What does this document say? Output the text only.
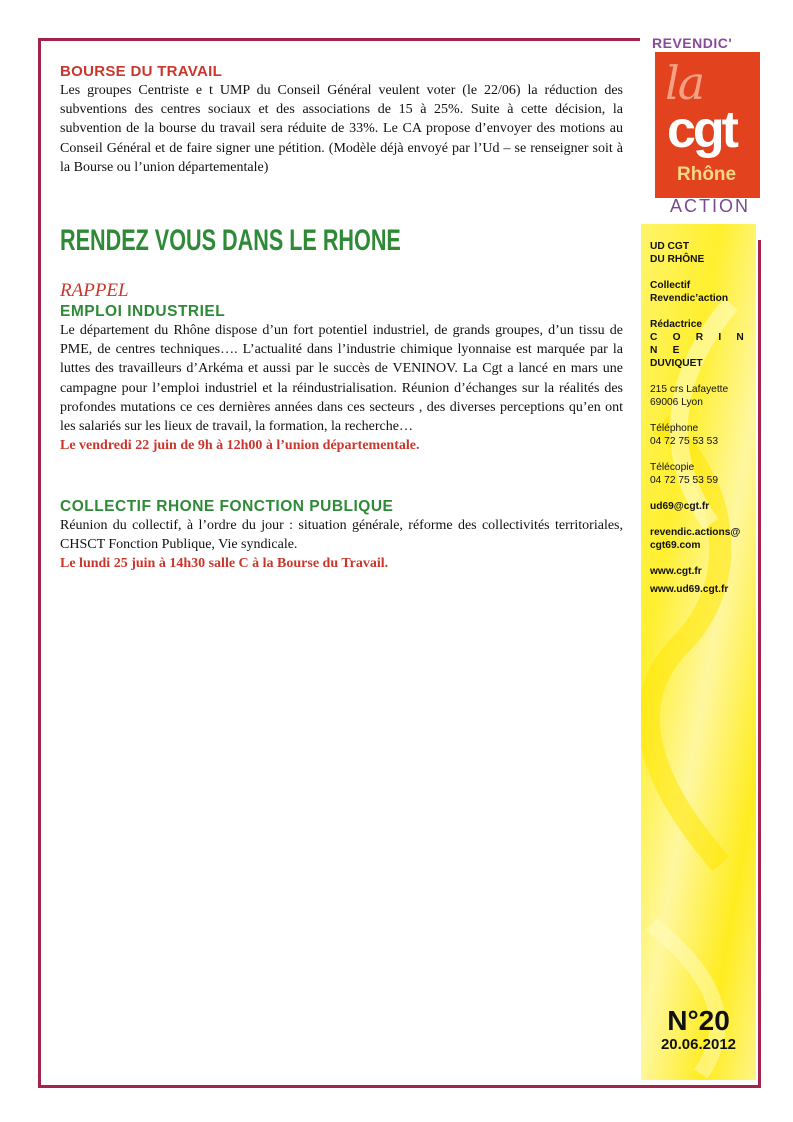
REVENDIC'
la
cgt
Rhône
ACTION
UD CGT
DU RHÔNE
Collectif
Revendic’action
Rédactrice
C O R I N N E
DUVIQUET
215 crs Lafayette
69006 Lyon
Téléphone
04 72 75 53 53
Télécopie
04 72 75 53 59
ud69@cgt.fr
revendic.actions@
cgt69.com
www.cgt.fr
www.ud69.cgt.fr
N°20
20.06.2012
BOURSE DU TRAVAIL

Les groupes Centriste e t UMP du Conseil Général veulent voter (le 22/06) la réduction des subventions des centres sociaux et des associations de 15 à 25%. Suite à cette décision, la subvention de la bourse du travail sera réduite de 33%. Le CA propose d’envoyer des motions au Conseil Général et de faire signer une pétition. (Modèle déjà envoyé par l’Ud – se renseigner soit à la Bourse ou l’union départementale)

RENDEZ VOUS DANS LE RHONE
RAPPEL
EMPLOI INDUSTRIEL

Le département du Rhône dispose d’un fort potentiel industriel, de grands groupes, d’un tissu de PME, de centres techniques…. L’actualité dans l’industrie chimique lyonnaise est marquée par la luttes des travailleurs d’Arkéma et aussi par le succès de VENINOV. La Cgt a lancé en mars une campagne pour l’emploi industriel et la réindustrialisation. Réunion d’échanges sur la réalités des profondes mutations ce ces dernières années dans ces secteurs , des diverses perceptions qu’en ont les salariés sur les lieux de travail, la formation, la recherche…

Le vendredi 22 juin de 9h à 12h00 à l’union départementale.

COLLECTIF RHONE FONCTION PUBLIQUE

Réunion du collectif, à l’ordre du jour : situation générale, réforme des collectivités territoriales, CHSCT Fonction Publique, Vie syndicale.

Le lundi 25 juin à 14h30 salle C à la Bourse du Travail.
